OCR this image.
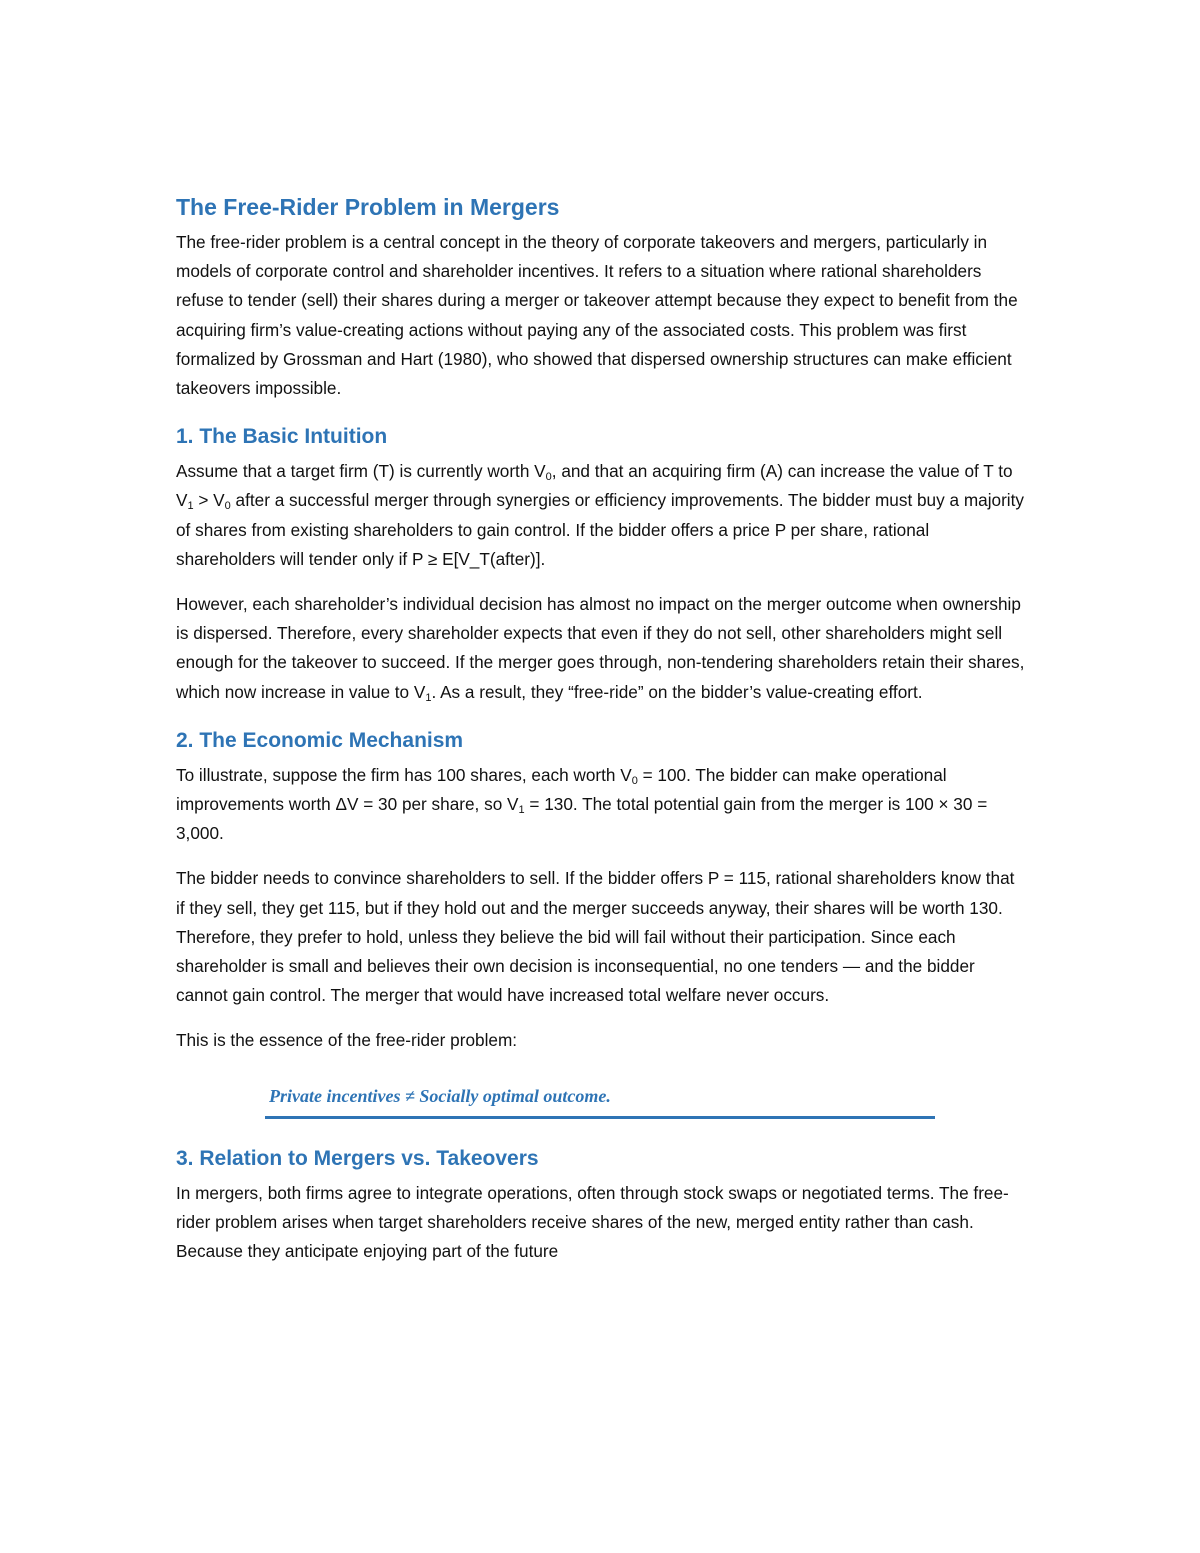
The Free-Rider Problem in Mergers

The free-rider problem is a central concept in the theory of corporate takeovers and mergers, particularly in models of corporate control and shareholder incentives. It refers to a situation where rational shareholders refuse to tender (sell) their shares during a merger or takeover attempt because they expect to benefit from the acquiring firm’s value-creating actions without paying any of the associated costs. This problem was first formalized by Grossman and Hart (1980), who showed that dispersed ownership structures can make efficient takeovers impossible.

1. The Basic Intuition

Assume that a target firm (T) is currently worth $V_0$, and that an acquiring firm (A) can increase the value of T to $V_1 > V_0$ after a successful merger through synergies or efficiency improvements. The bidder must buy a majority of shares from existing shareholders to gain control. If the bidder offers a price P per share, rational shareholders will tender only if P ≥ E[V_T(after)].

However, each shareholder’s individual decision has almost no impact on the merger outcome when ownership is dispersed. Therefore, every shareholder expects that even if they do not sell, other shareholders might sell enough for the takeover to succeed. If the merger goes through, non-tendering shareholders retain their shares, which now increase in value to $V_1$. As a result, they “free-ride” on the bidder’s value-creating effort.

2. The Economic Mechanism

To illustrate, suppose the firm has 100 shares, each worth $V_0 = 100$. The bidder can make operational improvements worth ΔV = 30 per share, so $V_1 = 130$. The total potential gain from the merger is 100 × 30 = 3,000.

The bidder needs to convince shareholders to sell. If the bidder offers P = 115, rational shareholders know that if they sell, they get 115, but if they hold out and the merger succeeds anyway, their shares will be worth 130. Therefore, they prefer to hold, unless they believe the bid will fail without their participation. Since each shareholder is small and believes their own decision is inconsequential, no one tenders — and the bidder cannot gain control. The merger that would have increased total welfare never occurs.

This is the essence of the free-rider problem:

Private incentives ≠ Socially optimal outcome.
3. Relation to Mergers vs. Takeovers

In mergers, both firms agree to integrate operations, often through stock swaps or negotiated terms. The free-rider problem arises when target shareholders receive shares of the new, merged entity rather than cash. Because they anticipate enjoying part of the future
